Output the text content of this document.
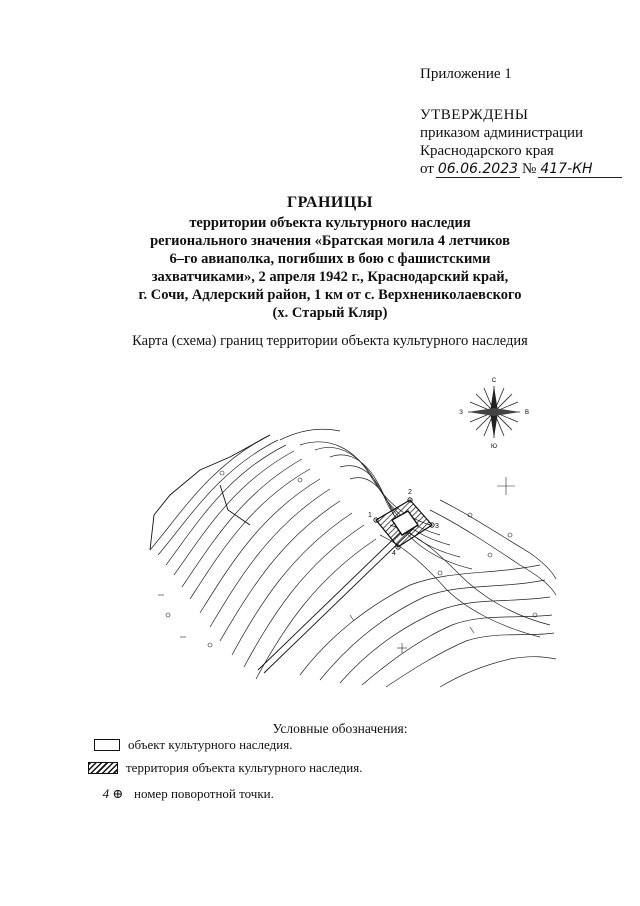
Приложение 1
УТВЕРЖДЕНЫ
приказом администрации
Краснодарского края
от 06.06.2023 № 417-КН
ГРАНИЦЫ
территории объекта культурного наследия
регионального значения «Братская могила 4 летчиков
6–го авиаполка, погибших в бою с фашистскими
захватчиками», 2 апреля 1942 г., Краснодарский край,
г. Сочи, Адлерский район, 1 км от с. Верхнениколаевского
(х. Старый Кляр)
Карта (схема) границ территории объекта культурного наследия
С
Ю
З	В
1
2
3
4
Условные обозначения:
объект культурного наследия.
территория объекта культурного наследия.
4 ⊕ номер поворотной точки.
